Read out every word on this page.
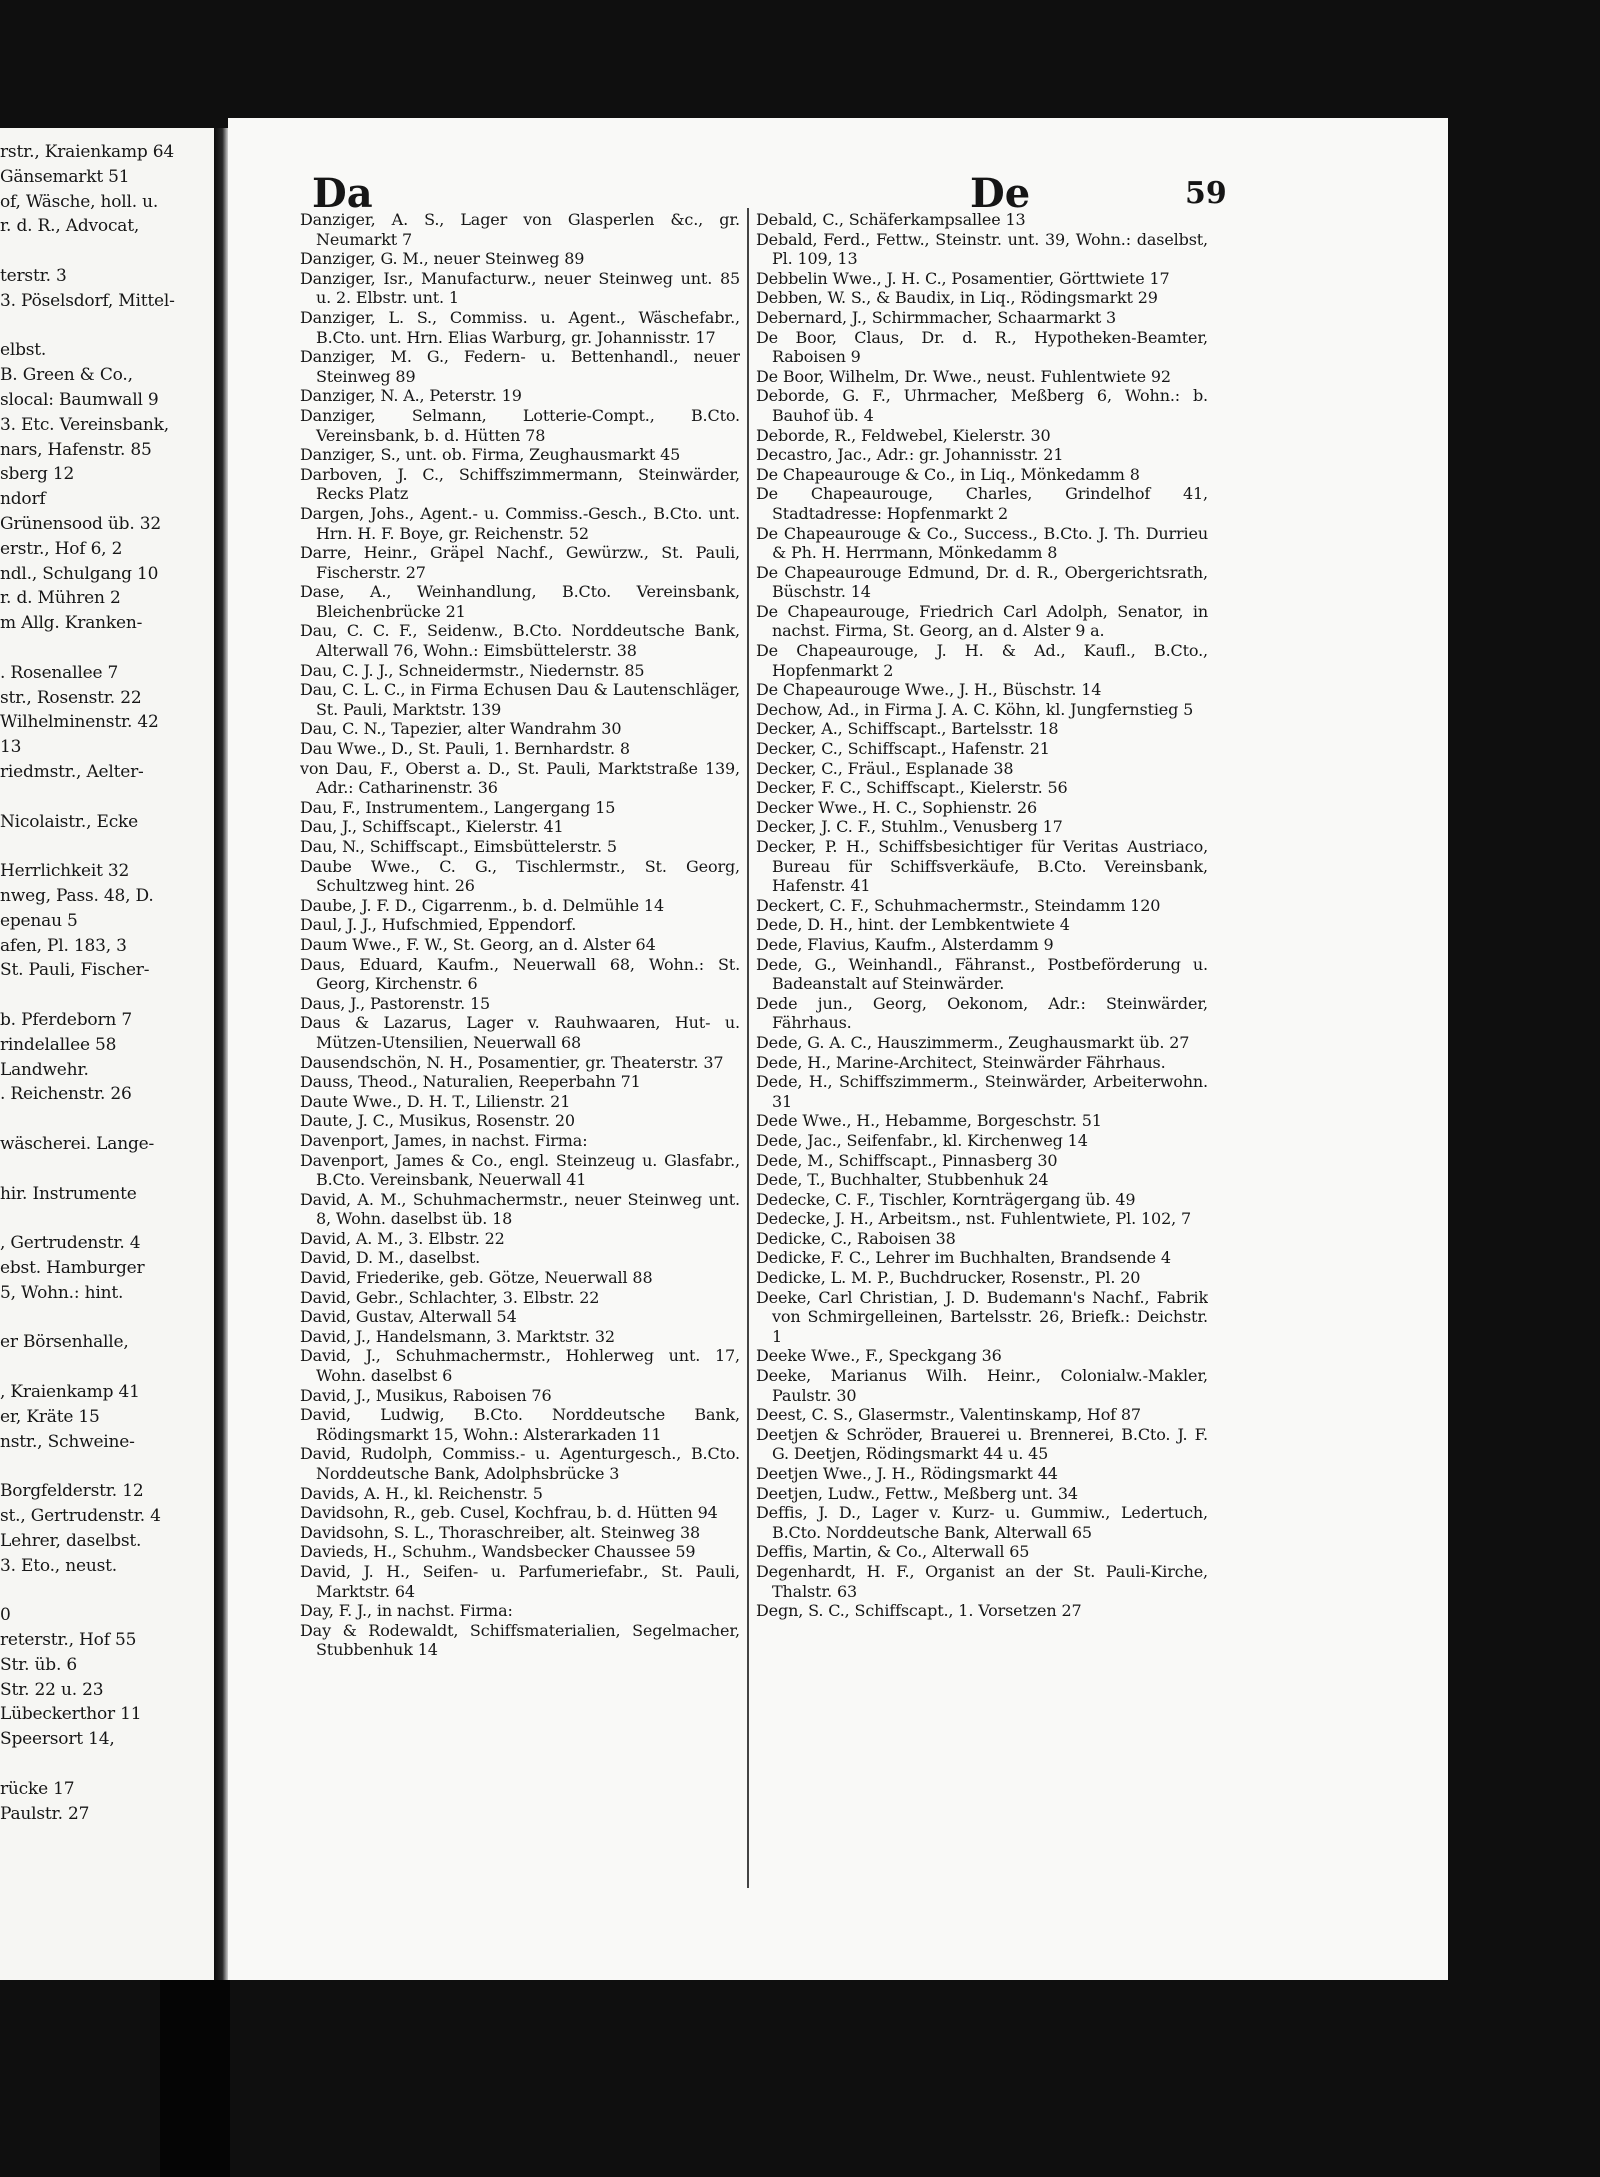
rstr., Kraienkamp 64
Gänsemarkt 51
of, Wäsche, holl. u.
r. d. R., Advocat,
terstr. 3
3. Pöselsdorf, Mittel-
elbst.
B. Green & Co.,
slocal: Baumwall 9
3. Etc. Vereinsbank,
nars, Hafenstr. 85
sberg 12
ndorf
Grünensood üb. 32
erstr., Hof 6, 2
ndl., Schulgang 10
r. d. Mühren 2
m Allg. Kranken-
. Rosenallee 7
str., Rosenstr. 22
Wilhelminenstr. 42
13
riedmstr., Aelter-
Nicolaistr., Ecke
Herrlichkeit 32
nweg, Pass. 48, D.
epenau 5
afen, Pl. 183, 3
St. Pauli, Fischer-
b. Pferdeborn 7
rindelallee 58
Landwehr.
. Reichenstr. 26
wäscherei. Lange-
hir. Instrumente
, Gertrudenstr. 4
ebst. Hamburger
5, Wohn.: hint.
er Börsenhalle,
, Kraienkamp 41
er, Kräte 15
nstr., Schweine-
Borgfelderstr. 12
st., Gertrudenstr. 4
Lehrer, daselbst.
3. Eto., neust.
0
reterstr., Hof 55
Str. üb. 6
Str. 22 u. 23
Lübeckerthor 11
Speersort 14,
rücke 17
Paulstr. 27
Da	De	59
Danziger, A. S., Lager von Glasperlen &c., gr. Neumarkt 7
Danziger, G. M., neuer Steinweg 89
Danziger, Isr., Manufacturw., neuer Steinweg unt. 85 u. 2. Elbstr. unt. 1
Danziger, L. S., Commiss. u. Agent., Wäschefabr., B.Cto. unt. Hrn. Elias Warburg, gr. Johannisstr. 17
Danziger, M. G., Federn- u. Bettenhandl., neuer Steinweg 89
Danziger, N. A., Peterstr. 19
Danziger, Selmann, Lotterie-Compt., B.Cto. Vereinsbank, b. d. Hütten 78
Danziger, S., unt. ob. Firma, Zeughausmarkt 45
Darboven, J. C., Schiffszimmermann, Steinwärder, Recks Platz
Dargen, Johs., Agent.- u. Commiss.-Gesch., B.Cto. unt. Hrn. H. F. Boye, gr. Reichenstr. 52
Darre, Heinr., Gräpel Nachf., Gewürzw., St. Pauli, Fischerstr. 27
Dase, A., Weinhandlung, B.Cto. Vereinsbank, Bleichenbrücke 21
Dau, C. C. F., Seidenw., B.Cto. Norddeutsche Bank, Alterwall 76, Wohn.: Eimsbüttelerstr. 38
Dau, C. J. J., Schneidermstr., Niedernstr. 85
Dau, C. L. C., in Firma Echusen Dau & Lautenschläger, St. Pauli, Marktstr. 139
Dau, C. N., Tapezier, alter Wandrahm 30
Dau Wwe., D., St. Pauli, 1. Bernhardstr. 8
von Dau, F., Oberst a. D., St. Pauli, Marktstraße 139, Adr.: Catharinenstr. 36
Dau, F., Instrumentem., Langergang 15
Dau, J., Schiffscapt., Kielerstr. 41
Dau, N., Schiffscapt., Eimsbüttelerstr. 5
Daube Wwe., C. G., Tischlermstr., St. Georg, Schultzweg hint. 26
Daube, J. F. D., Cigarrenm., b. d. Delmühle 14
Daul, J. J., Hufschmied, Eppendorf.
Daum Wwe., F. W., St. Georg, an d. Alster 64
Daus, Eduard, Kaufm., Neuerwall 68, Wohn.: St. Georg, Kirchenstr. 6
Daus, J., Pastorenstr. 15
Daus & Lazarus, Lager v. Rauhwaaren, Hut- u. Mützen-Utensilien, Neuerwall 68
Dausendschön, N. H., Posamentier, gr. Theaterstr. 37
Dauss, Theod., Naturalien, Reeperbahn 71
Daute Wwe., D. H. T., Lilienstr. 21
Daute, J. C., Musikus, Rosenstr. 20
Davenport, James, in nachst. Firma:
Davenport, James & Co., engl. Steinzeug u. Glasfabr., B.Cto. Vereinsbank, Neuerwall 41
David, A. M., Schuhmachermstr., neuer Steinweg unt. 8, Wohn. daselbst üb. 18
David, A. M., 3. Elbstr. 22
David, D. M., daselbst.
David, Friederike, geb. Götze, Neuerwall 88
David, Gebr., Schlachter, 3. Elbstr. 22
David, Gustav, Alterwall 54
David, J., Handelsmann, 3. Marktstr. 32
David, J., Schuhmachermstr., Hohlerweg unt. 17, Wohn. daselbst 6
David, J., Musikus, Raboisen 76
David, Ludwig, B.Cto. Norddeutsche Bank, Rödingsmarkt 15, Wohn.: Alsterarkaden 11
David, Rudolph, Commiss.- u. Agenturgesch., B.Cto. Norddeutsche Bank, Adolphsbrücke 3
Davids, A. H., kl. Reichenstr. 5
Davidsohn, R., geb. Cusel, Kochfrau, b. d. Hütten 94
Davidsohn, S. L., Thoraschreiber, alt. Steinweg 38
Davieds, H., Schuhm., Wandsbecker Chaussee 59
David, J. H., Seifen- u. Parfumeriefabr., St. Pauli, Marktstr. 64
Day, F. J., in nachst. Firma:
Day & Rodewaldt, Schiffsmaterialien, Segelmacher, Stubbenhuk 14
Debald, C., Schäferkampsallee 13
Debald, Ferd., Fettw., Steinstr. unt. 39, Wohn.: daselbst, Pl. 109, 13
Debbelin Wwe., J. H. C., Posamentier, Görttwiete 17
Debben, W. S., & Baudix, in Liq., Rödingsmarkt 29
Debernard, J., Schirmmacher, Schaarmarkt 3
De Boor, Claus, Dr. d. R., Hypotheken-Beamter, Raboisen 9
De Boor, Wilhelm, Dr. Wwe., neust. Fuhlentwiete 92
Deborde, G. F., Uhrmacher, Meßberg 6, Wohn.: b. Bauhof üb. 4
Deborde, R., Feldwebel, Kielerstr. 30
Decastro, Jac., Adr.: gr. Johannisstr. 21
De Chapeaurouge & Co., in Liq., Mönkedamm 8
De Chapeaurouge, Charles, Grindelhof 41, Stadtadresse: Hopfenmarkt 2
De Chapeaurouge & Co., Success., B.Cto. J. Th. Durrieu & Ph. H. Herrmann, Mönkedamm 8
De Chapeaurouge Edmund, Dr. d. R., Obergerichtsrath, Büschstr. 14
De Chapeaurouge, Friedrich Carl Adolph, Senator, in nachst. Firma, St. Georg, an d. Alster 9 a.
De Chapeaurouge, J. H. & Ad., Kaufl., B.Cto., Hopfenmarkt 2
De Chapeaurouge Wwe., J. H., Büschstr. 14
Dechow, Ad., in Firma J. A. C. Köhn, kl. Jungfernstieg 5
Decker, A., Schiffscapt., Bartelsstr. 18
Decker, C., Schiffscapt., Hafenstr. 21
Decker, C., Fräul., Esplanade 38
Decker, F. C., Schiffscapt., Kielerstr. 56
Decker Wwe., H. C., Sophienstr. 26
Decker, J. C. F., Stuhlm., Venusberg 17
Decker, P. H., Schiffsbesichtiger für Veritas Austriaco, Bureau für Schiffsverkäufe, B.Cto. Vereinsbank, Hafenstr. 41
Deckert, C. F., Schuhmachermstr., Steindamm 120
Dede, D. H., hint. der Lembkentwiete 4
Dede, Flavius, Kaufm., Alsterdamm 9
Dede, G., Weinhandl., Fähranst., Postbeförderung u. Badeanstalt auf Steinwärder.
Dede jun., Georg, Oekonom, Adr.: Steinwärder, Fährhaus.
Dede, G. A. C., Hauszimmerm., Zeughausmarkt üb. 27
Dede, H., Marine-Architect, Steinwärder Fährhaus.
Dede, H., Schiffszimmerm., Steinwärder, Arbeiterwohn. 31
Dede Wwe., H., Hebamme, Borgeschstr. 51
Dede, Jac., Seifenfabr., kl. Kirchenweg 14
Dede, M., Schiffscapt., Pinnasberg 30
Dede, T., Buchhalter, Stubbenhuk 24
Dedecke, C. F., Tischler, Kornträgergang üb. 49
Dedecke, J. H., Arbeitsm., nst. Fuhlentwiete, Pl. 102, 7
Dedicke, C., Raboisen 38
Dedicke, F. C., Lehrer im Buchhalten, Brandsende 4
Dedicke, L. M. P., Buchdrucker, Rosenstr., Pl. 20
Deeke, Carl Christian, J. D. Budemann's Nachf., Fabrik von Schmirgelleinen, Bartelsstr. 26, Briefk.: Deichstr. 1
Deeke Wwe., F., Speckgang 36
Deeke, Marianus Wilh. Heinr., Colonialw.-Makler, Paulstr. 30
Deest, C. S., Glasermstr., Valentinskamp, Hof 87
Deetjen & Schröder, Brauerei u. Brennerei, B.Cto. J. F. G. Deetjen, Rödingsmarkt 44 u. 45
Deetjen Wwe., J. H., Rödingsmarkt 44
Deetjen, Ludw., Fettw., Meßberg unt. 34
Deffis, J. D., Lager v. Kurz- u. Gummiw., Ledertuch, B.Cto. Norddeutsche Bank, Alterwall 65
Deffis, Martin, & Co., Alterwall 65
Degenhardt, H. F., Organist an der St. Pauli-Kirche, Thalstr. 63
Degn, S. C., Schiffscapt., 1. Vorsetzen 27
